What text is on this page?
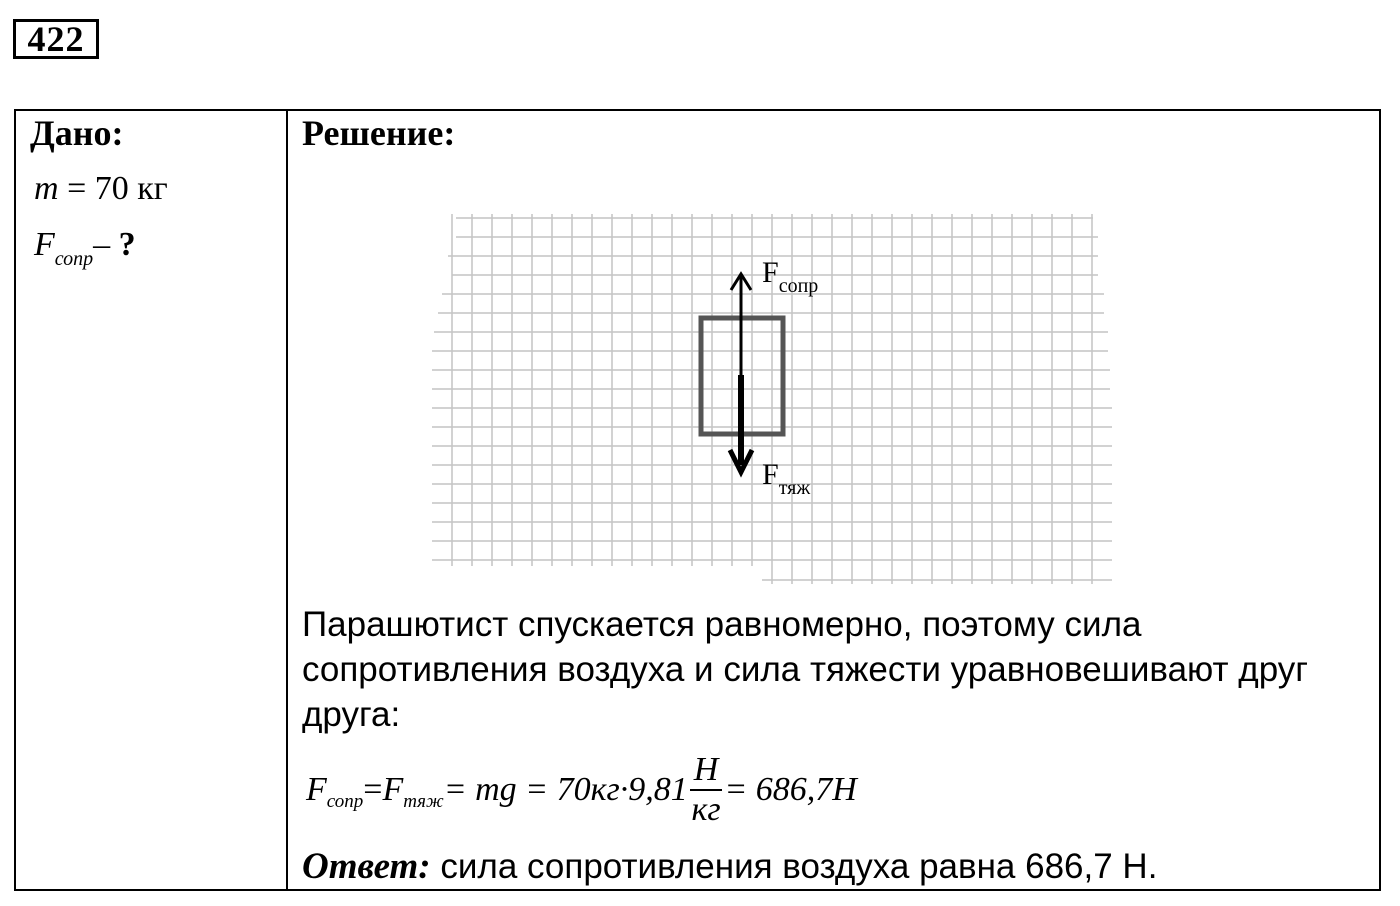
422
Дано:
m = 70 кг
$F_{сопр}-$ ?
Решение:
$F_{сопр}$
$F_{тяж}$
Парашютист спускается равномерно, поэтому сила сопротивления воздуха и сила тяжести уравновешивают друг друга:
F сопр = F тяж = mg = $70кг\cdot 9,81 \frac{Н}{кг} = 686,7Н$
Ответ: сила сопротивления воздуха равна 686,7 Н.
